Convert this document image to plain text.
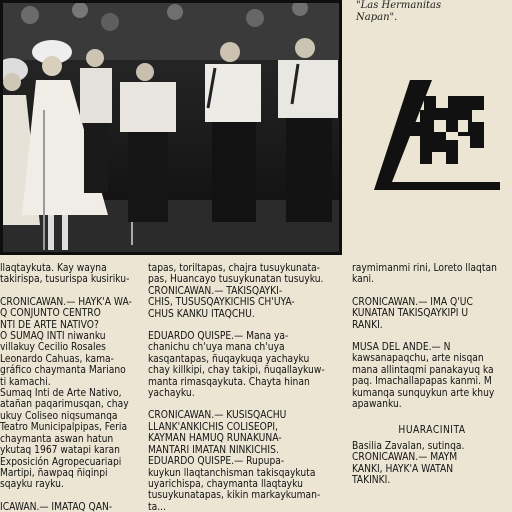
"Las Hermanitas
Napan".

llaqtaykuta. Kay wayna

takirispa, tusurispa kusiriku-

CRONICAWAN.— HAYK'A WA-

Q CONJUNTO CENTRO

NTI DE ARTE NATIVO?

O SUMAQ INTI niwanku

villakuy Cecilio Rosales

Leonardo Cahuas, kama-

gráfico chaymanta Mariano

ti kamachi.

Sumaq Inti de Arte Nativo,

atañan paqarimusqan, chay

ukuy Coliseo niqsumanqa

Teatro Municipalpipas, Feria

chaymanta aswan hatun

ykutaq 1967 watapi karan

Exposición Agropecuariapi

Martipi, ñawpaq ñiqinpi

sqayku rayku.

ICAWAN.— IMATAQ QAN-

tapas, toriltapas, chajra tusuykunata-

pas, Huancayo tusuykunatan tusuyku.

CRONICAWAN.— TAKISQAYKI-

CHIS, TUSUSQAYKICHIS CH'UYA-

CHUS KANKU ITAQCHU.

EDUARDO QUISPE.— Mana ya-

chanichu ch'uya mana ch'uya

kasqantapas, ñuqaykuqa yachayku

chay killkipi, chay takipi, ñuqallaykuw-

manta rimasqaykuta. Chayta hinan

yachayku.

CRONICAWAN.— KUSISQACHU

LLANK'ANKICHIS COLISEOPI,

KAYMAN HAMUQ RUNAKUNA-

MANTARI IMATAN NINKICHIS.

EDUARDO QUISPE.— Rupupa-

kuykun llaqtanchisman takisqaykuta

uyarichispa, chaymanta llaqtayku

tusuykunatapas, kikin markaykuman-

ta...

raymimanmi rini, Loreto llaqtan

kani.

CRONICAWAN.— IMA Q'UC

KUNATAN TAKISQAYKIPI U

RANKI.

MUSA DEL ANDE.— N

kawsanapaqchu, arte nisqan

mana allintaqmi panakayuq ka

paq. Imachallapapas kanmi. M

kumanqa sunquykun arte khuy

apawanku.

HUARACINITA

Basilia Zavalan, sutinqa.

CRONICAWAN.— MAYM

KANKI, HAYK'A WATAN

TAKINKI.
